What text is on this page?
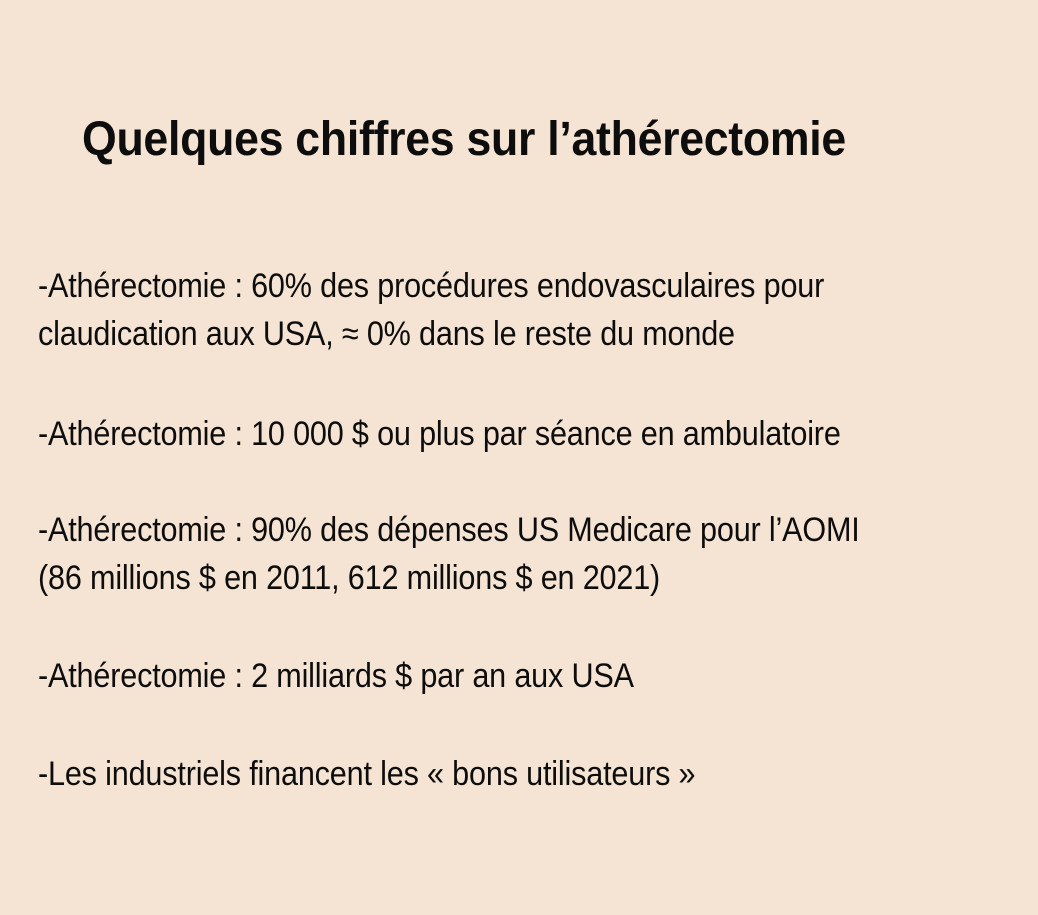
Quelques chiffres sur l’athérectomie
-Athérectomie : 60% des procédures endovasculaires pour
claudication aux USA, ≈ 0% dans le reste du monde
-Athérectomie : 10 000 $ ou plus par séance en ambulatoire
-Athérectomie : 90% des dépenses US Medicare pour l’AOMI
(86 millions $ en 2011, 612 millions $ en 2021)
-Athérectomie : 2 milliards $ par an aux USA
-Les industriels financent les « bons utilisateurs »
